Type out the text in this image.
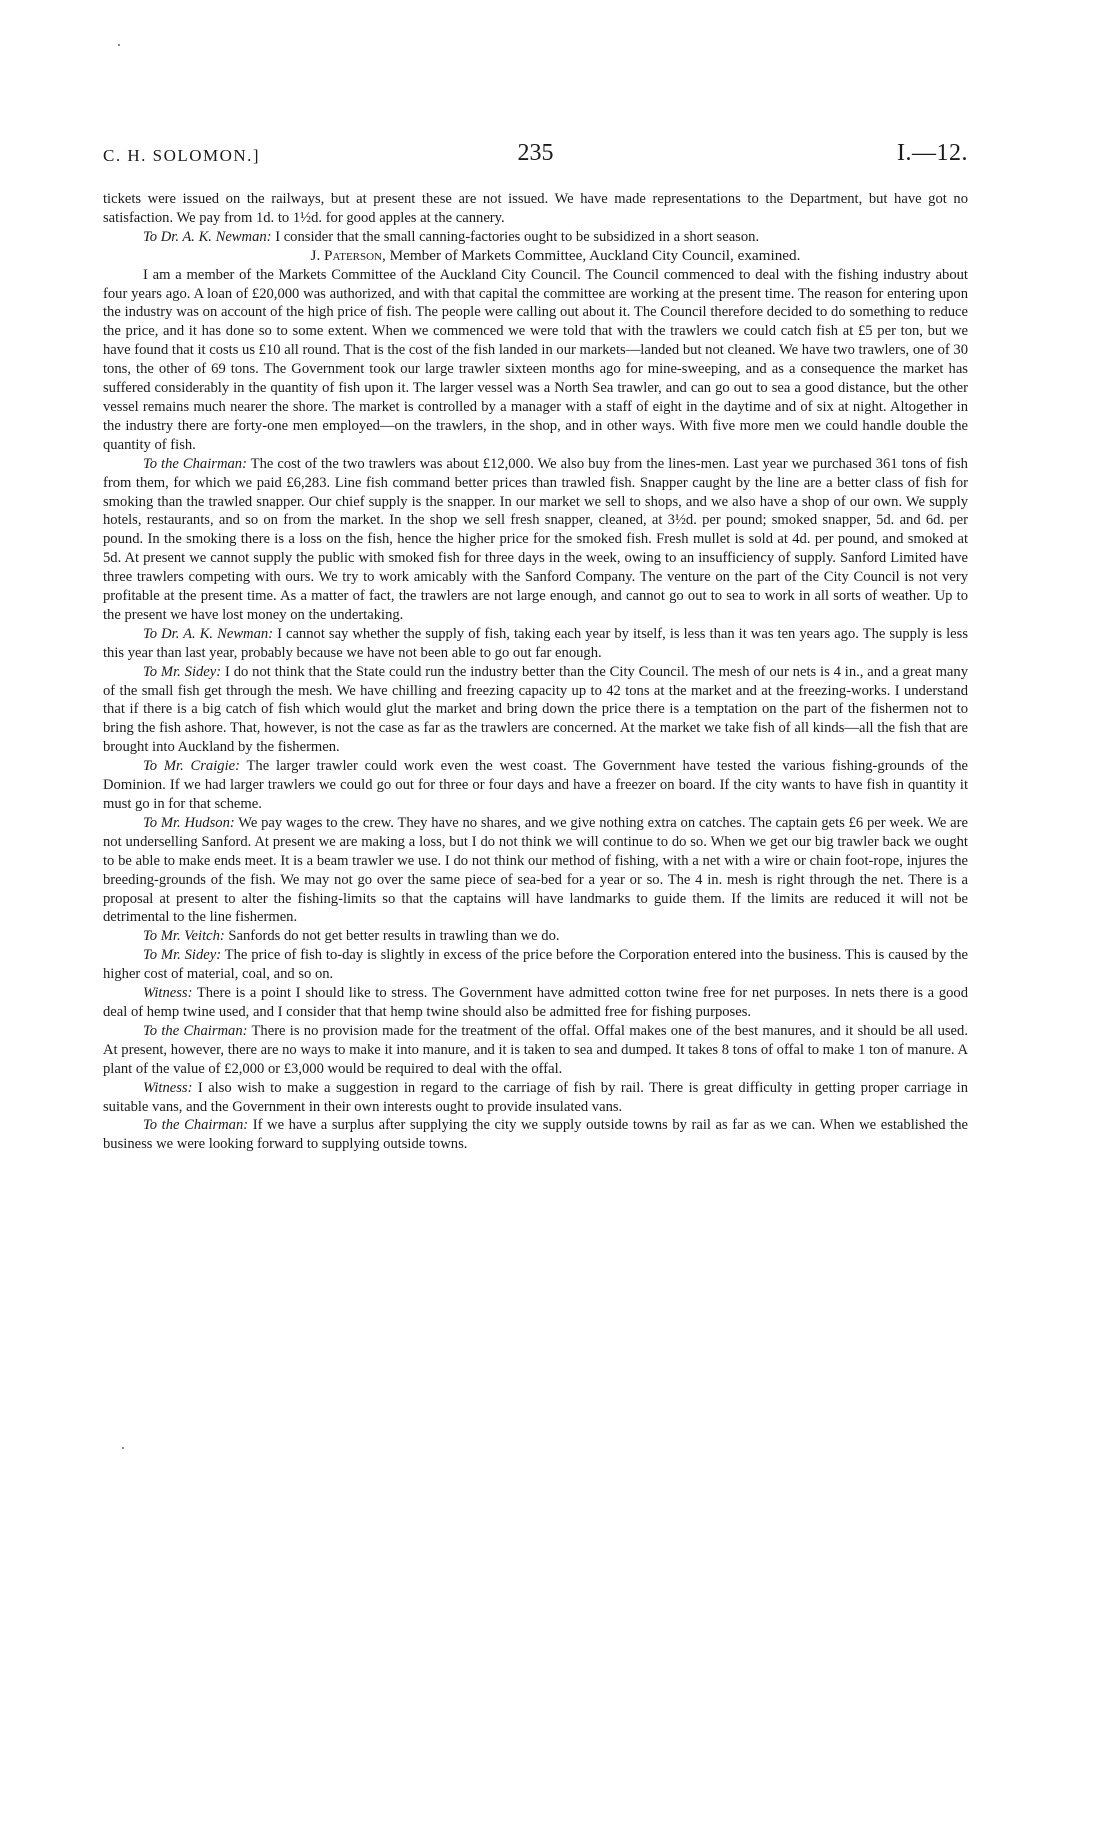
C. H. SOLOMON.]	235	I.—12.

tickets were issued on the railways, but at present these are not issued. We have made representations to the Department, but have got no satisfaction. We pay from 1d. to 1½d. for good apples at the cannery.

To Dr. A. K. Newman: I consider that the small canning-factories ought to be subsidized in a short season.

J. Paterson, Member of Markets Committee, Auckland City Council, examined.

I am a member of the Markets Committee of the Auckland City Council. The Council commenced to deal with the fishing industry about four years ago. A loan of £20,000 was authorized, and with that capital the committee are working at the present time. The reason for entering upon the industry was on account of the high price of fish. The people were calling out about it. The Council therefore decided to do something to reduce the price, and it has done so to some extent. When we commenced we were told that with the trawlers we could catch fish at £5 per ton, but we have found that it costs us £10 all round. That is the cost of the fish landed in our markets—landed but not cleaned. We have two trawlers, one of 30 tons, the other of 69 tons. The Government took our large trawler sixteen months ago for mine-sweeping, and as a consequence the market has suffered considerably in the quantity of fish upon it. The larger vessel was a North Sea trawler, and can go out to sea a good distance, but the other vessel remains much nearer the shore. The market is controlled by a manager with a staff of eight in the daytime and of six at night. Altogether in the industry there are forty-one men employed—on the trawlers, in the shop, and in other ways. With five more men we could handle double the quantity of fish.

To the Chairman: The cost of the two trawlers was about £12,000. We also buy from the lines-men. Last year we purchased 361 tons of fish from them, for which we paid £6,283. Line fish command better prices than trawled fish. Snapper caught by the line are a better class of fish for smoking than the trawled snapper. Our chief supply is the snapper. In our market we sell to shops, and we also have a shop of our own. We supply hotels, restaurants, and so on from the market. In the shop we sell fresh snapper, cleaned, at 3½d. per pound; smoked snapper, 5d. and 6d. per pound. In the smoking there is a loss on the fish, hence the higher price for the smoked fish. Fresh mullet is sold at 4d. per pound, and smoked at 5d. At present we cannot supply the public with smoked fish for three days in the week, owing to an insufficiency of supply. Sanford Limited have three trawlers competing with ours. We try to work amicably with the Sanford Company. The venture on the part of the City Council is not very profitable at the present time. As a matter of fact, the trawlers are not large enough, and cannot go out to sea to work in all sorts of weather. Up to the present we have lost money on the undertaking.

To Dr. A. K. Newman: I cannot say whether the supply of fish, taking each year by itself, is less than it was ten years ago. The supply is less this year than last year, probably because we have not been able to go out far enough.

To Mr. Sidey: I do not think that the State could run the industry better than the City Council. The mesh of our nets is 4 in., and a great many of the small fish get through the mesh. We have chilling and freezing capacity up to 42 tons at the market and at the freezing-works. I understand that if there is a big catch of fish which would glut the market and bring down the price there is a temptation on the part of the fishermen not to bring the fish ashore. That, however, is not the case as far as the trawlers are concerned. At the market we take fish of all kinds—all the fish that are brought into Auckland by the fishermen.

To Mr. Craigie: The larger trawler could work even the west coast. The Government have tested the various fishing-grounds of the Dominion. If we had larger trawlers we could go out for three or four days and have a freezer on board. If the city wants to have fish in quantity it must go in for that scheme.

To Mr. Hudson: We pay wages to the crew. They have no shares, and we give nothing extra on catches. The captain gets £6 per week. We are not underselling Sanford. At present we are making a loss, but I do not think we will continue to do so. When we get our big trawler back we ought to be able to make ends meet. It is a beam trawler we use. I do not think our method of fishing, with a net with a wire or chain foot-rope, injures the breeding-grounds of the fish. We may not go over the same piece of sea-bed for a year or so. The 4 in. mesh is right through the net. There is a proposal at present to alter the fishing-limits so that the captains will have landmarks to guide them. If the limits are reduced it will not be detrimental to the line fishermen.

To Mr. Veitch: Sanfords do not get better results in trawling than we do.

To Mr. Sidey: The price of fish to-day is slightly in excess of the price before the Corporation entered into the business. This is caused by the higher cost of material, coal, and so on.

Witness: There is a point I should like to stress. The Government have admitted cotton twine free for net purposes. In nets there is a good deal of hemp twine used, and I consider that that hemp twine should also be admitted free for fishing purposes.

To the Chairman: There is no provision made for the treatment of the offal. Offal makes one of the best manures, and it should be all used. At present, however, there are no ways to make it into manure, and it is taken to sea and dumped. It takes 8 tons of offal to make 1 ton of manure. A plant of the value of £2,000 or £3,000 would be required to deal with the offal.

Witness: I also wish to make a suggestion in regard to the carriage of fish by rail. There is great difficulty in getting proper carriage in suitable vans, and the Government in their own interests ought to provide insulated vans.

To the Chairman: If we have a surplus after supplying the city we supply outside towns by rail as far as we can. When we established the business we were looking forward to supplying outside towns.
